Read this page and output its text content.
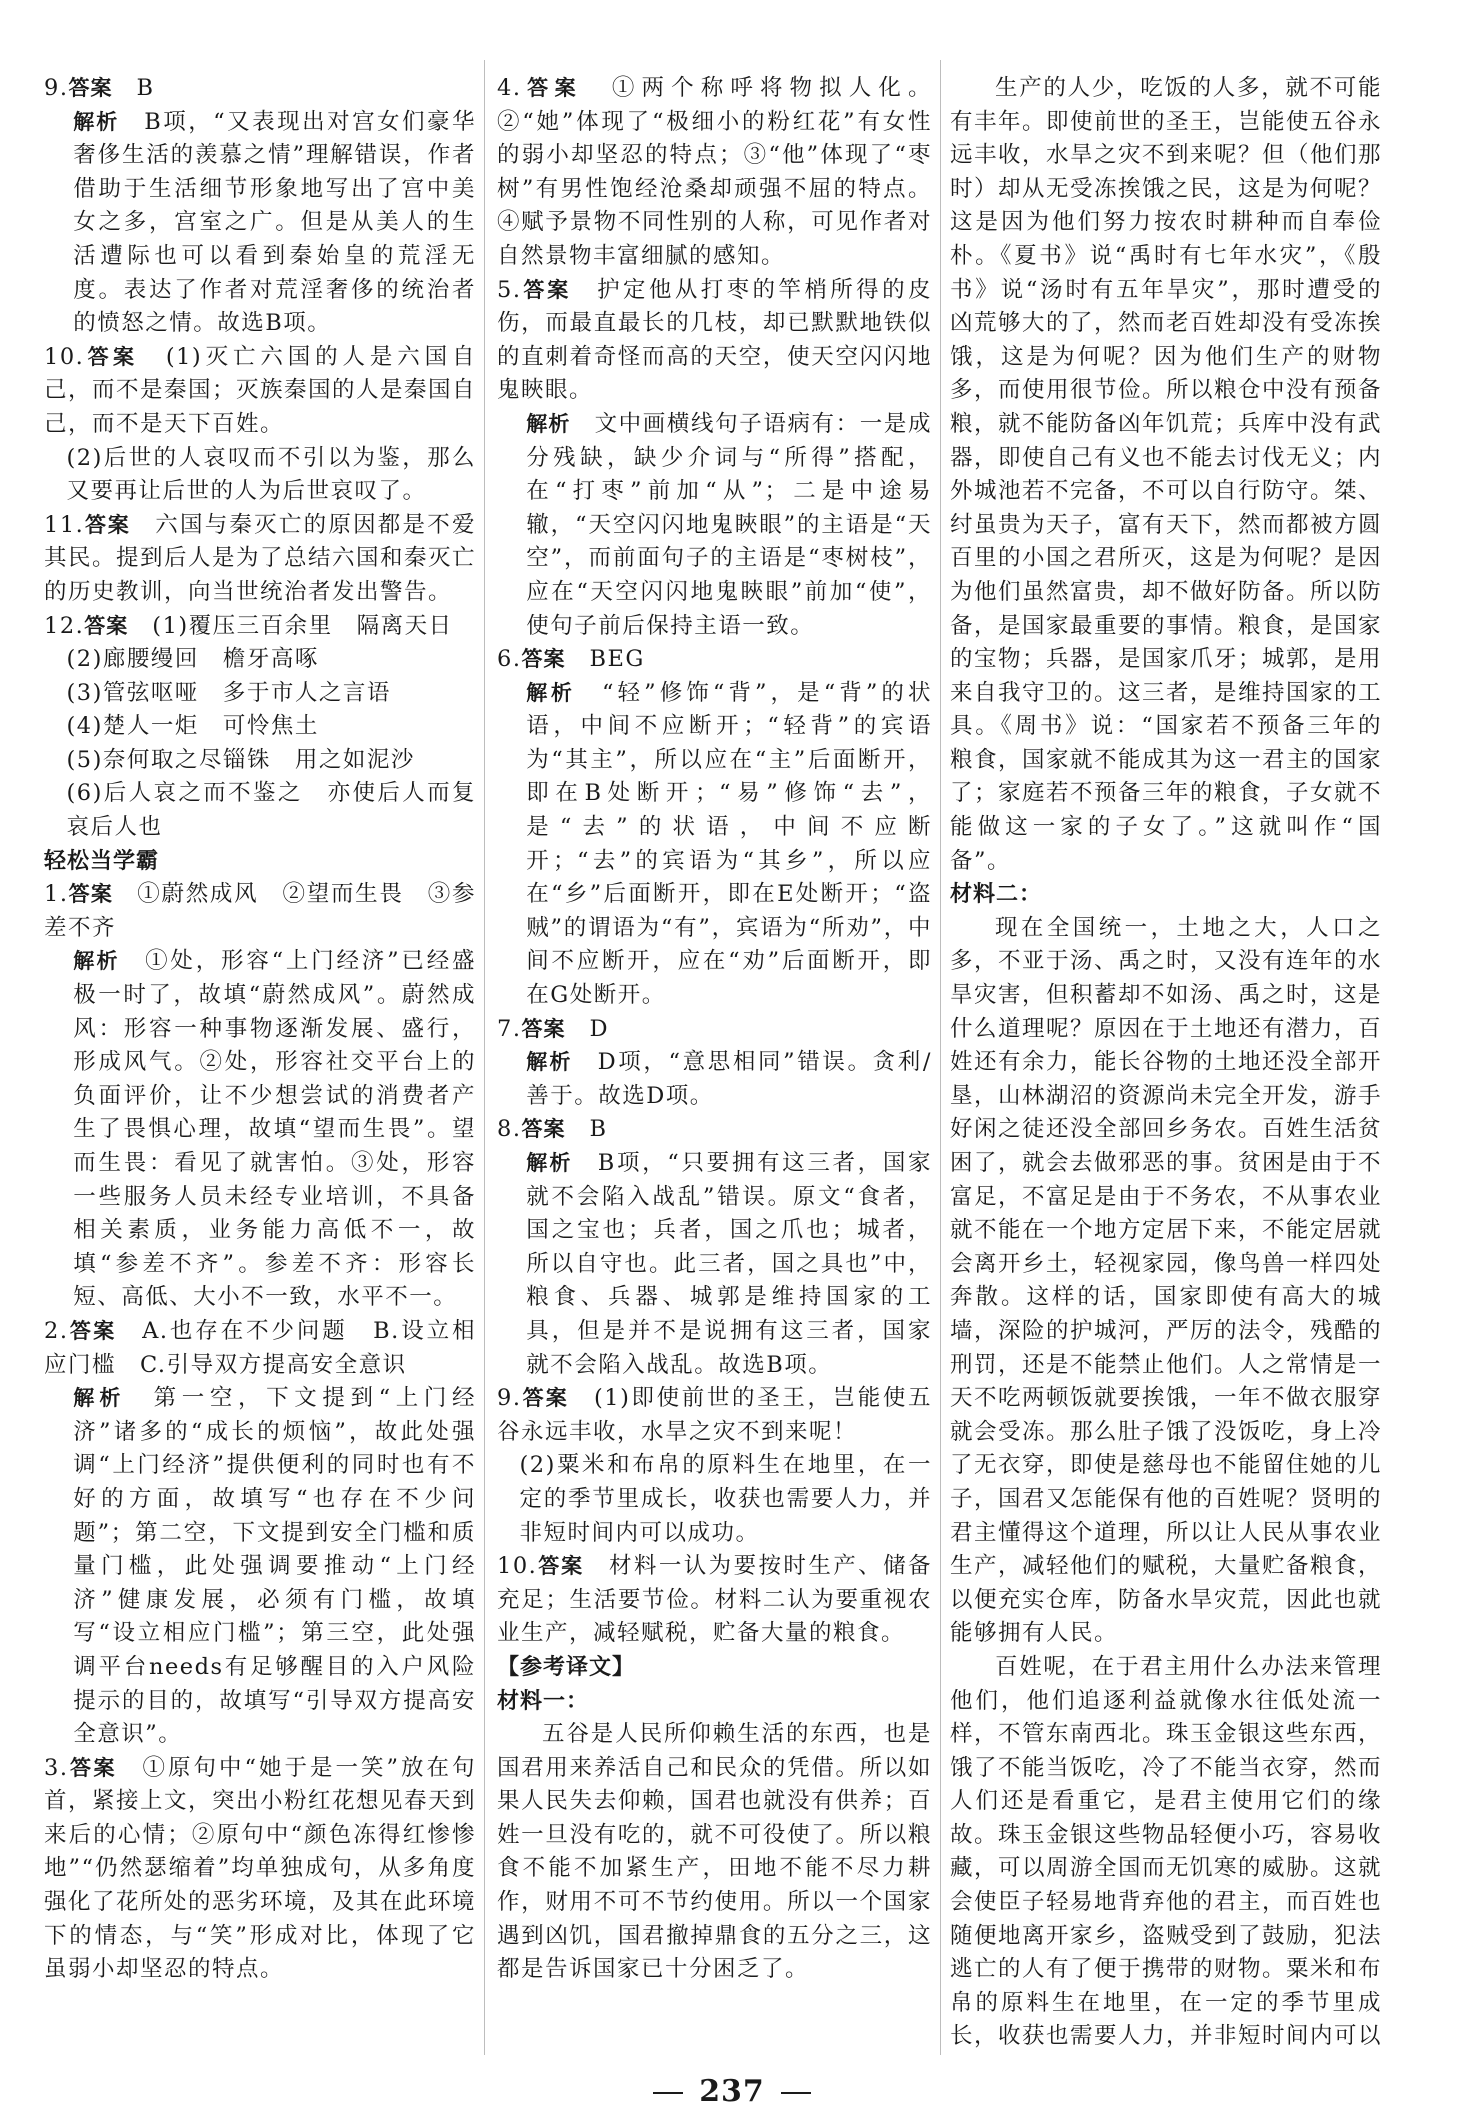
9.答案　B
解析　B项，“又表现出对宫女们豪华奢侈生活的羡慕之情”理解错误，作者借助于生活细节形象地写出了宫中美女之多，宫室之广。但是从美人的生活遭际也可以看到秦始皇的荒淫无度。表达了作者对荒淫奢侈的统治者的愤怒之情。故选B项。
10.答案　(1)灭亡六国的人是六国自己，而不是秦国；灭族秦国的人是秦国自己，而不是天下百姓。
(2)后世的人哀叹而不引以为鉴，那么又要再让后世的人为后世哀叹了。
11.答案　六国与秦灭亡的原因都是不爱其民。提到后人是为了总结六国和秦灭亡的历史教训，向当世统治者发出警告。
12.答案　(1)覆压三百余里　隔离天日
(2)廊腰缦回　檐牙高啄
(3)管弦呕哑　多于市人之言语
(4)楚人一炬　可怜焦土
(5)奈何取之尽锱铢　用之如泥沙
(6)后人哀之而不鉴之　亦使后人而复哀后人也
轻松当学霸
1.答案　①蔚然成风　②望而生畏　③参差不齐
解析　①处，形容“上门经济”已经盛极一时了，故填“蔚然成风”。蔚然成风：形容一种事物逐渐发展、盛行，形成风气。②处，形容社交平台上的负面评价，让不少想尝试的消费者产生了畏惧心理，故填“望而生畏”。望而生畏：看见了就害怕。③处，形容一些服务人员未经专业培训，不具备相关素质，业务能力高低不一，故填“参差不齐”。参差不齐：形容长短、高低、大小不一致，水平不一。
2.答案　A.也存在不少问题　B.设立相应门槛　C.引导双方提高安全意识
解析　第一空，下文提到“上门经济”诸多的“成长的烦恼”，故此处强调“上门经济”提供便利的同时也有不好的方面，故填写“也存在不少问题”；第二空，下文提到安全门槛和质量门槛，此处强调要推动“上门经济”健康发展，必须有门槛，故填写“设立相应门槛”；第三空，此处强调平台needs有足够醒目的入户风险提示的目的，故填写“引导双方提高安全意识”。
3.答案　①原句中“她于是一笑”放在句首，紧接上文，突出小粉红花想见春天到来后的心情；②原句中“颜色冻得红惨惨地”“仍然瑟缩着”均单独成句，从多角度强化了花所处的恶劣环境，及其在此环境下的情态，与“笑”形成对比，体现了它虽弱小却坚忍的特点。
4.答案　①两个称呼将物拟人化。②“她”体现了“极细小的粉红花”有女性的弱小却坚忍的特点；③“他”体现了“枣树”有男性饱经沧桑却顽强不屈的特点。④赋予景物不同性别的人称，可见作者对自然景物丰富细腻的感知。
5.答案　护定他从打枣的竿梢所得的皮伤，而最直最长的几枝，却已默默地铁似的直刺着奇怪而高的天空，使天空闪闪地鬼䀹眼。
解析　文中画横线句子语病有：一是成分残缺，缺少介词与“所得”搭配，在“打枣”前加“从”；二是中途易辙，“天空闪闪地鬼䀹眼”的主语是“天空”，而前面句子的主语是“枣树枝”，应在“天空闪闪地鬼䀹眼”前加“使”，使句子前后保持主语一致。
6.答案　BEG
解析　“轻”修饰“背”，是“背”的状语，中间不应断开；“轻背”的宾语为“其主”，所以应在“主”后面断开，即在B处断开；“易”修饰“去”，是“去”的状语，中间不应断开；“去”的宾语为“其乡”，所以应在“乡”后面断开，即在E处断开；“盗贼”的谓语为“有”，宾语为“所劝”，中间不应断开，应在“劝”后面断开，即在G处断开。
7.答案　D
解析　D项，“意思相同”错误。贪利/善于。故选D项。
8.答案　B
解析　B项，“只要拥有这三者，国家就不会陷入战乱”错误。原文“食者，国之宝也；兵者，国之爪也；城者，所以自守也。此三者，国之具也”中，粮食、兵器、城郭是维持国家的工具，但是并不是说拥有这三者，国家就不会陷入战乱。故选B项。
9.答案　(1)即使前世的圣王，岂能使五谷永远丰收，水旱之灾不到来呢！
(2)粟米和布帛的原料生在地里，在一定的季节里成长，收获也需要人力，并非短时间内可以成功。
10.答案　材料一认为要按时生产、储备充足；生活要节俭。材料二认为要重视农业生产，减轻赋税，贮备大量的粮食。
【参考译文】
材料一：
五谷是人民所仰赖生活的东西，也是国君用来养活自己和民众的凭借。所以如果人民失去仰赖，国君也就没有供养；百姓一旦没有吃的，就不可役使了。所以粮食不能不加紧生产，田地不能不尽力耕作，财用不可不节约使用。所以一个国家遇到凶饥，国君撤掉鼎食的五分之三，这都是告诉国家已十分困乏了。
生产的人少，吃饭的人多，就不可能有丰年。即使前世的圣王，岂能使五谷永远丰收，水旱之灾不到来呢？但（他们那时）却从无受冻挨饿之民，这是为何呢？这是因为他们努力按农时耕种而自奉俭朴。《夏书》说“禹时有七年水灾”，《殷书》说“汤时有五年旱灾”，那时遭受的凶荒够大的了，然而老百姓却没有受冻挨饿，这是为何呢？因为他们生产的财物多，而使用很节俭。所以粮仓中没有预备粮，就不能防备凶年饥荒；兵库中没有武器，即使自己有义也不能去讨伐无义；内外城池若不完备，不可以自行防守。桀、纣虽贵为天子，富有天下，然而都被方圆百里的小国之君所灭，这是为何呢？是因为他们虽然富贵，却不做好防备。所以防备，是国家最重要的事情。粮食，是国家的宝物；兵器，是国家爪牙；城郭，是用来自我守卫的。这三者，是维持国家的工具。《周书》说：“国家若不预备三年的粮食，国家就不能成其为这一君主的国家了；家庭若不预备三年的粮食，子女就不能做这一家的子女了。”这就叫作“国备”。
材料二：
现在全国统一，土地之大，人口之多，不亚于汤、禹之时，又没有连年的水旱灾害，但积蓄却不如汤、禹之时，这是什么道理呢？原因在于土地还有潜力，百姓还有余力，能长谷物的土地还没全部开垦，山林湖沼的资源尚未完全开发，游手好闲之徒还没全部回乡务农。百姓生活贫困了，就会去做邪恶的事。贫困是由于不富足，不富足是由于不务农，不从事农业就不能在一个地方定居下来，不能定居就会离开乡土，轻视家园，像鸟兽一样四处奔散。这样的话，国家即使有高大的城墙，深险的护城河，严厉的法令，残酷的刑罚，还是不能禁止他们。人之常情是一天不吃两顿饭就要挨饿，一年不做衣服穿就会受冻。那么肚子饿了没饭吃，身上冷了无衣穿，即使是慈母也不能留住她的儿子，国君又怎能保有他的百姓呢？贤明的君主懂得这个道理，所以让人民从事农业生产，减轻他们的赋税，大量贮备粮食，以便充实仓库，防备水旱灾荒，因此也就能够拥有人民。
百姓呢，在于君主用什么办法来管理他们，他们追逐利益就像水往低处流一样，不管东南西北。珠玉金银这些东西，饿了不能当饭吃，冷了不能当衣穿，然而人们还是看重它，是君主使用它们的缘故。珠玉金银这些物品轻便小巧，容易收藏，可以周游全国而无饥寒的威胁。这就会使臣子轻易地背弃他的君主，而百姓也随便地离开家乡，盗贼受到了鼓励，犯法逃亡的人有了便于携带的财物。粟米和布帛的原料生在地里，在一定的季节里成长，收获也需要人力，并非短时间内可以
237
